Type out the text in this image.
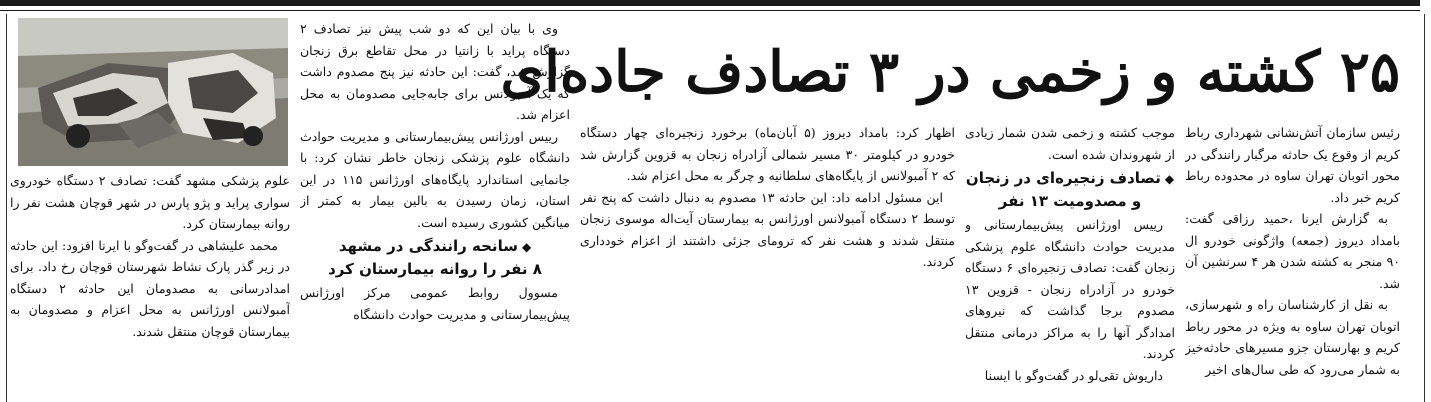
۲۵ کشته و زخمی در ۳ تصادف جاده‌ای

رئیس سازمان آتش‌نشانی شهرداری رباط کریم از وقوع یک حادثه مرگبار رانندگی در محور اتوبان تهران ساوه در محدوده رباط کریم خبر داد.

به گزارش ایرنا ،حمید رزاقی گفت: بامداد دیروز (جمعه) واژگونی خودرو ال ۹۰ منجر به کشته شدن هر ۴ سرنشین آن شد.

به نقل از کارشناسان راه و شهرسازی، اتوبان تهران ساوه به ویژه در محور رباط کریم و بهارستان جزو مسیرهای حادثه‌خیز به شمار می‌رود که طی سال‌های اخیر

موجب کشته و زخمی شدن شمار زیادی از شهروندان شده است.

◆تصادف زنجیره‌ای در زنجان
و مصدومیت ۱۳ نفر

رییس اورژانس پیش‌بیمارستانی و مدیریت حوادث دانشگاه علوم پزشکی زنجان گفت: تصادف زنجیره‌ای ۶ دستگاه خودرو در آزادراه زنجان - قزوین ۱۳ مصدوم برجا گذاشت که نیروهای امدادگر آنها را به مراکز درمانی منتقل کردند.

داریوش تقی‌لو در گفت‌وگو با ایسنا

اظهار کرد: بامداد دیروز (۵ آبان‌ماه) برخورد زنجیره‌ای چهار دستگاه خودرو در کیلومتر ۳۰ مسیر شمالی آزادراه زنجان به قزوین گزارش شد که ۲ آمبولانس از پایگاه‌های سلطانیه و چرگر به محل اعزام شد.

این مسئول ادامه داد: این حادثه ۱۳ مصدوم به دنبال داشت که پنج نفر توسط ۲ دستگاه آمبولانس اورژانس به بیمارستان آیت‌اله موسوی زنجان منتقل شدند و هشت نفر که ترومای جزئی داشتند از اعزام خودداری کردند.

وی با بیان این که دو شب پیش نیز تصادف ۲ دستگاه پراید با زانتیا در محل تقاطع برق زنجان گزارش شد، گفت: این حادثه نیز پنج مصدوم داشت که یک آمبولانس برای جابه‌جایی مصدومان به محل اعزام شد.

رییس اورژانس پیش‌بیمارستانی و مدیریت حوادث دانشگاه علوم پزشکی زنجان خاطر نشان کرد: با جانمایی استاندارد پایگاه‌های اورژانس ۱۱۵ در این استان، زمان رسیدن به بالین بیمار به کمتر از میانگین کشوری رسیده است.

◆سانحه رانندگی در مشهد
۸ نفر را روانه بیمارستان کرد

مسوول روابط عمومی مرکز اورژانس پیش‌بیمارستانی و مدیریت حوادث دانشگاه

علوم پزشکی مشهد گفت: تصادف ۲ دستگاه خودروی سواری پراید و پژو پارس در شهر قوچان هشت نفر را روانه بیمارستان کرد.

محمد علیشاهی در گفت‌وگو با ایرنا افزود: این حادثه در زیر گذر پارک نشاط شهرستان قوچان رخ داد. برای امدادرسانی به مصدومان این حادثه ۲ دستگاه آمبولانس اورژانس به محل اعزام و مصدومان به بیمارستان قوچان منتقل شدند.
